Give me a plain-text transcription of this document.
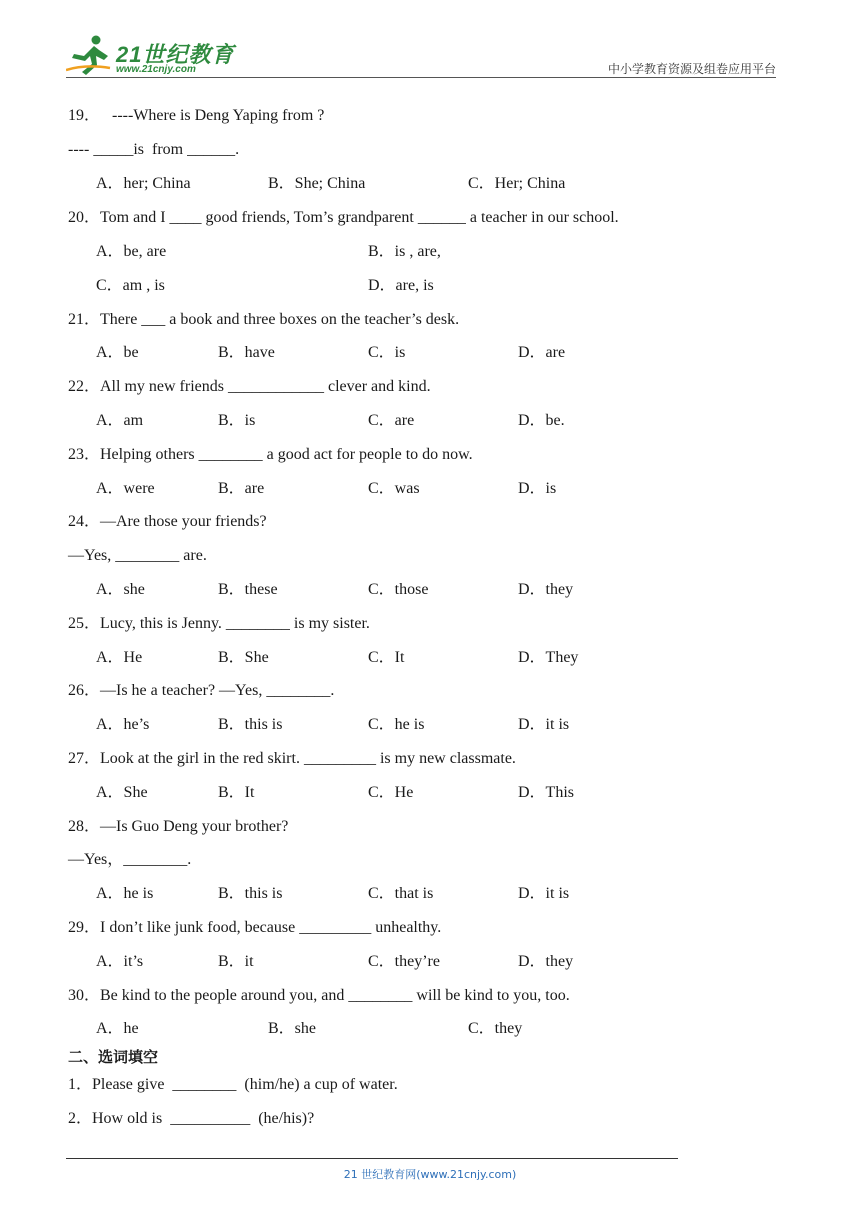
21世纪教育
www.21cnjy.com	中小学教育资源及组卷应用平台
19．   ----Where is Deng Yaping from ?
---- _____is  from ______.
A．her; China	B．She; China	C．Her; China
20．Tom and I ____ good friends, Tom’s grandparent ______ a teacher in our school.
A．be, are	B．is , are,
C．am , is	D．are, is
21．There ___ a book and three boxes on the teacher’s desk.
A．be	B．have	C．is	D．are
22．All my new friends ____________ clever and kind.
A．am	B．is	C．are	D．be.
23．Helping others ________ a good act for people to do now.
A．were	B．are	C．was	D．is
24．—Are those your friends?
—Yes, ________ are.
A．she	B．these	C．those	D．they
25．Lucy, this is Jenny. ________ is my sister.
A．He	B．She	C．It	D．They
26．—Is he a teacher? —Yes, ________.
A．he’s	B．this is	C．he is	D．it is
27．Look at the girl in the red skirt. _________ is my new classmate.
A．She	B．It	C．He	D．This
28．—Is Guo Deng your brother?
—Yes，________.
A．he is	B．this is	C．that is	D．it is
29．I don’t like junk food, because _________ unhealthy.
A．it’s	B．it	C．they’re	D．they
30．Be kind to the people around you, and ________ will be kind to you, too.
A．he	B．she	C．they
二、选词填空
1．Please give  ________  (him/he) a cup of water.
2．How old is  __________  (he/his)?
21 世纪教育网(www.21cnjy.com)
